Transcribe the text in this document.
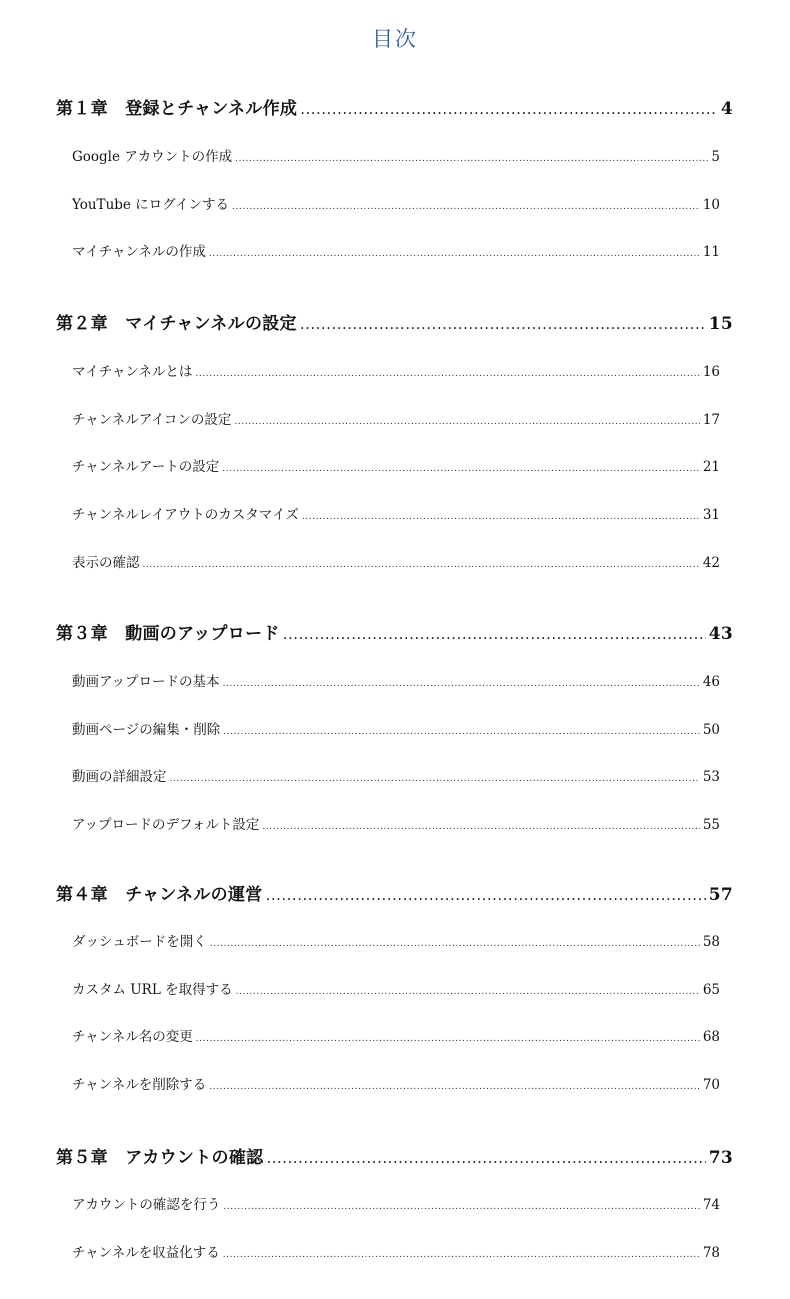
目次
第１章　登録とチャンネル作成 .....	4
Google アカウントの作成 .....	5
YouTube にログインする .....	10
マイチャンネルの作成 .....	11
第２章　マイチャンネルの設定 .....	15
マイチャンネルとは .....	16
チャンネルアイコンの設定 .....	17
チャンネルアートの設定 .....	21
チャンネルレイアウトのカスタマイズ .....	31
表示の確認 .....	42
第３章　動画のアップロード .....	43
動画アップロードの基本 .....	46
動画ページの編集・削除 .....	50
動画の詳細設定 .....	53
アップロードのデフォルト設定 .....	55
第４章　チャンネルの運営 .....	57
ダッシュボードを開く .....	58
カスタム URL を取得する .....	65
チャンネル名の変更 .....	68
チャンネルを削除する .....	70
第５章　アカウントの確認 .....	73
アカウントの確認を行う .....	74
チャンネルを収益化する .....	78
